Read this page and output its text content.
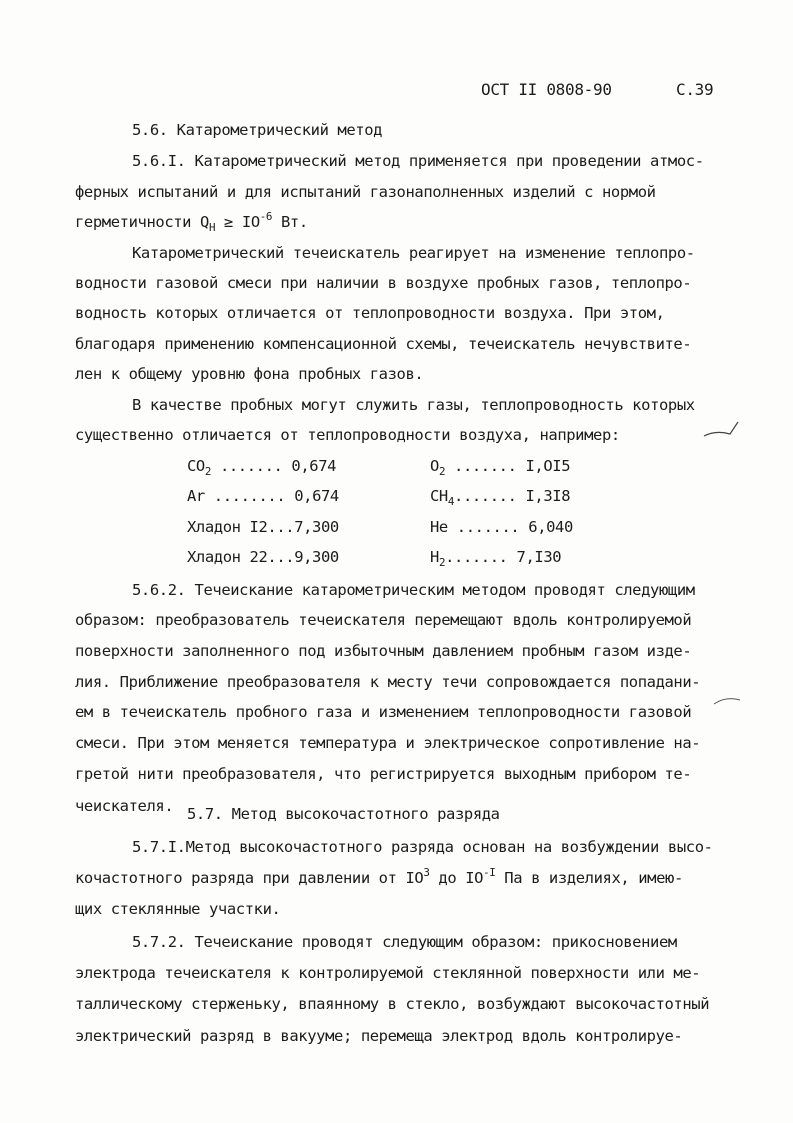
ОСТ II 0808-90	С.39
5.6. Катарометрический метод
5.6.I. Катарометрический метод применяется при проведении атмос-
ферных испытаний и для испытаний газонаполненных изделий с нормой
герметичности $Q_Н \ge IO^{-6}$ Вт.
Катарометрический течеискатель реагирует на изменение теплопро-
водности газовой смеси при наличии в воздухе пробных газов, теплопро-
водность которых отличается от теплопроводности воздуха. При этом,
благодаря применению компенсационной схемы, течеискатель нечувствите-
лен к общему уровню фона пробных газов.
В качестве пробных могут служить газы, теплопроводность которых
существенно отличается от теплопроводности воздуха, например:
$CO_2$ ....... 0,674
Ar ........ 0,674
Хладон I2...7,300
Хладон 22...9,300
$O_2$ ....... I,OI5
$CH_4$....... I,3I8
He ....... 6,040
$H_2$....... 7,I30
5.6.2. Течеискание катарометрическим методом проводят следующим
образом: преобразователь течеискателя перемещают вдоль контролируемой
поверхности заполненного под избыточным давлением пробным газом изде-
лия. Приближение преобразователя к месту течи сопровождается попадани-
ем в течеискатель пробного газа и изменением теплопроводности газовой
смеси. При этом меняется температура и электрическое сопротивление на-
гретой нити преобразователя, что регистрируется выходным прибором те-
чеискателя. 5.7. Метод высокочастотного разряда
5.7.I.Метод высокочастотного разряда основан на возбуждении высо-
кочастотного разряда при давлении от $IO^3$ до $IO^{-I}$ Па в изделиях, имею-
щих стеклянные участки.
5.7.2. Течеискание проводят следующим образом: прикосновением
электрода течеискателя к контролируемой стеклянной поверхности или ме-
таллическому стерженьку, впаянному в стекло, возбуждают высокочастотный
электрический разряд в вакууме; перемеща электрод вдоль контролируе-
